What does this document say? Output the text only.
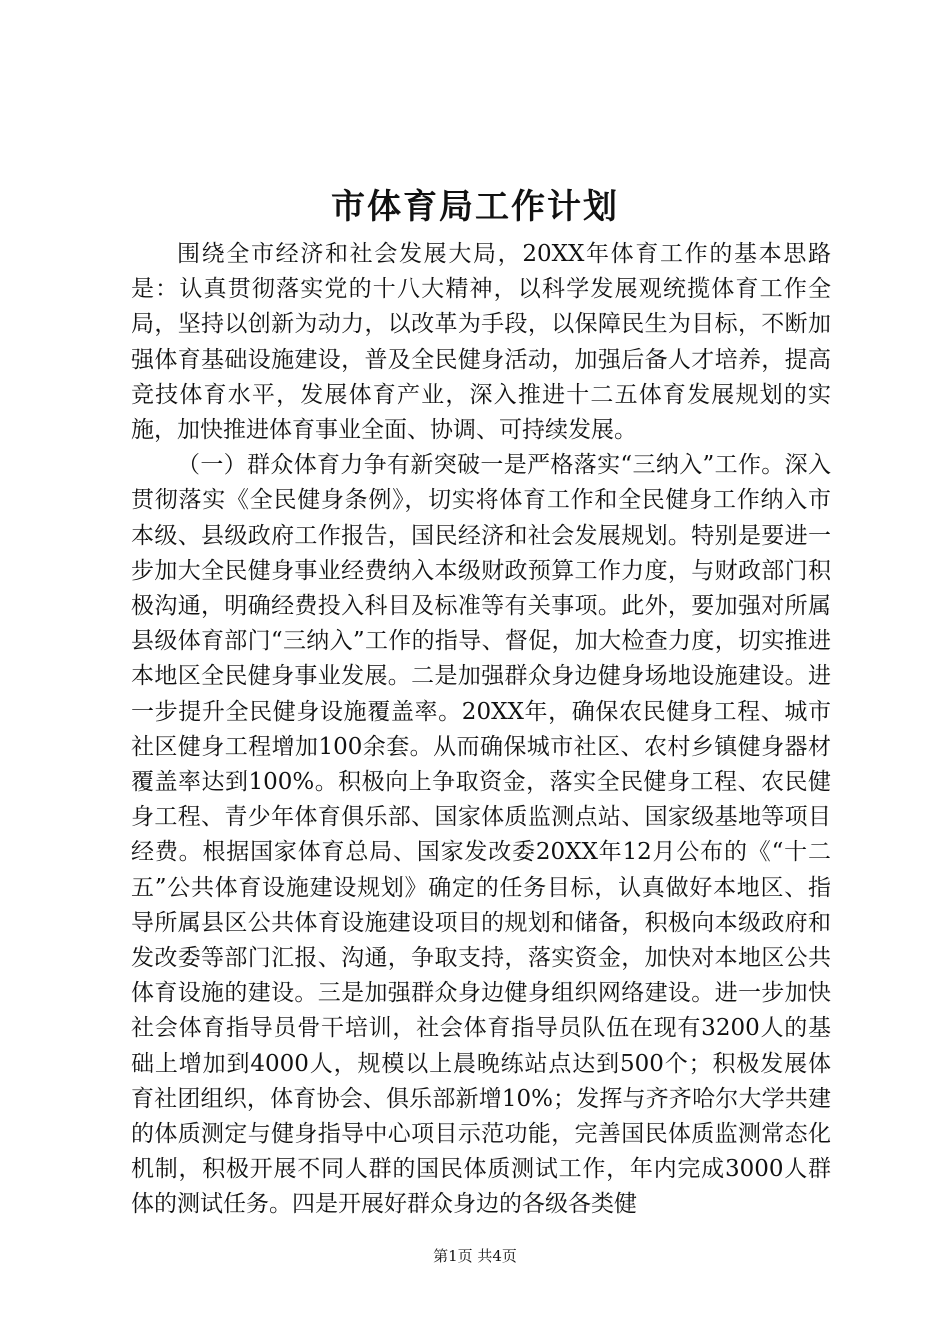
市体育局工作计划

围绕全市经济和社会发展大局，20XX年体育工作的基本思路是：认真贯彻落实党的十八大精神，以科学发展观统揽体育工作全局，坚持以创新为动力，以改革为手段，以保障民生为目标，不断加强体育基础设施建设，普及全民健身活动，加强后备人才培养，提高竞技体育水平，发展体育产业，深入推进十二五体育发展规划的实施，加快推进体育事业全面、协调、可持续发展。

（一）群众体育力争有新突破一是严格落实“三纳入”工作。深入贯彻落实《全民健身条例》，切实将体育工作和全民健身工作纳入市本级、县级政府工作报告，国民经济和社会发展规划。特别是要进一步加大全民健身事业经费纳入本级财政预算工作力度，与财政部门积极沟通，明确经费投入科目及标准等有关事项。此外，要加强对所属县级体育部门“三纳入”工作的指导、督促，加大检查力度，切实推进本地区全民健身事业发展。二是加强群众身边健身场地设施建设。进一步提升全民健身设施覆盖率。20XX年，确保农民健身工程、城市社区健身工程增加100余套。从而确保城市社区、农村乡镇健身器材覆盖率达到100%。积极向上争取资金，落实全民健身工程、农民健身工程、青少年体育俱乐部、国家体质监测点站、国家级基地等项目经费。根据国家体育总局、国家发改委20XX年12月公布的《“十二五”公共体育设施建设规划》确定的任务目标，认真做好本地区、指导所属县区公共体育设施建设项目的规划和储备，积极向本级政府和发改委等部门汇报、沟通，争取支持，落实资金，加快对本地区公共体育设施的建设。三是加强群众身边健身组织网络建设。进一步加快社会体育指导员骨干培训，社会体育指导员队伍在现有3200人的基础上增加到4000人，规模以上晨晚练站点达到500个；积极发展体育社团组织，体育协会、俱乐部新增10%；发挥与齐齐哈尔大学共建的体质测定与健身指导中心项目示范功能，完善国民体质监测常态化机制，积极开展不同人群的国民体质测试工作，年内完成3000人群体的测试任务。四是开展好群众身边的各级各类健

第1页 共4页
